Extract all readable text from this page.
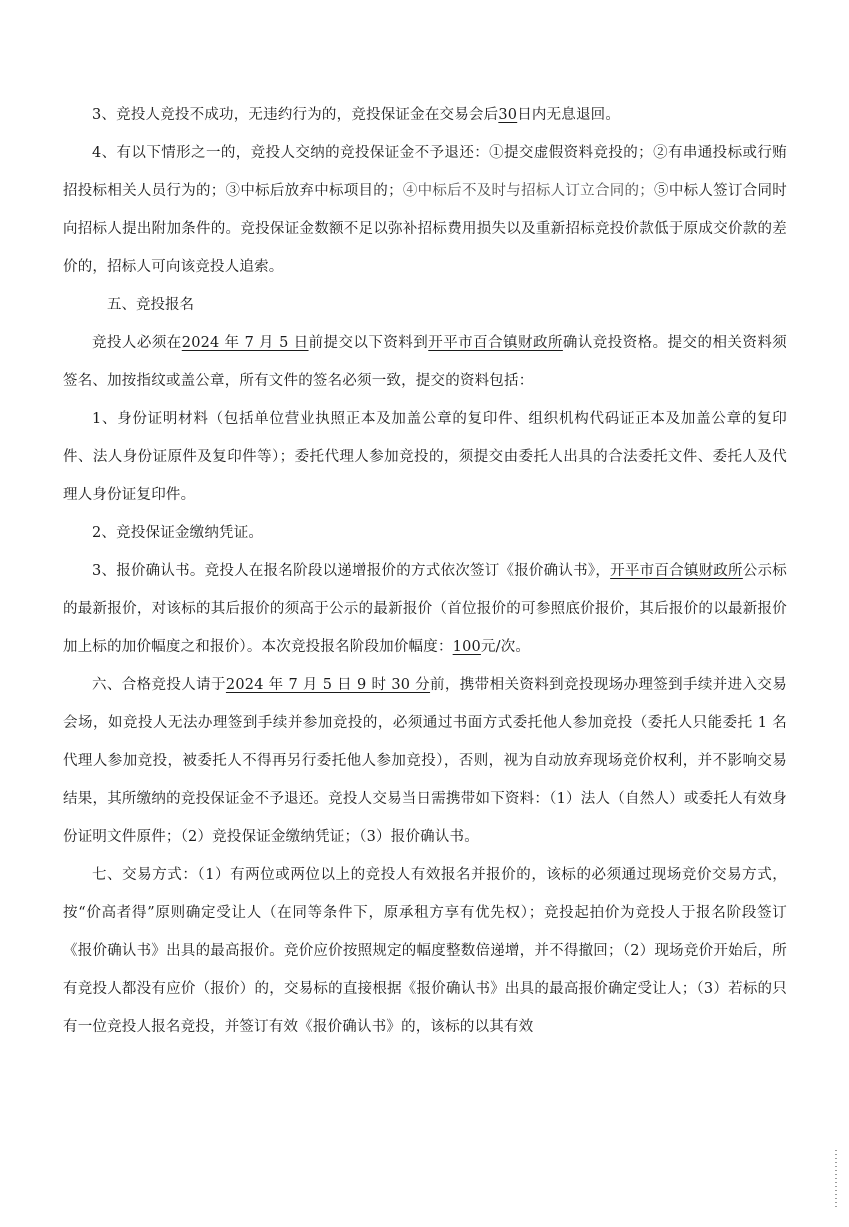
3、竞投人竞投不成功，无违约行为的，竞投保证金在交易会后30日内无息退回。

4、有以下情形之一的，竞投人交纳的竞投保证金不予退还：①提交虚假资料竞投的；②有串通投标或行贿招投标相关人员行为的；③中标后放弃中标项目的；④中标后不及时与招标人订立合同的；⑤中标人签订合同时向招标人提出附加条件的。竞投保证金数额不足以弥补招标费用损失以及重新招标竞投价款低于原成交价款的差价的，招标人可向该竞投人追索。

五、竞投报名

竞投人必须在2024 年 7 月 5 日前提交以下资料到开平市百合镇财政所确认竞投资格。提交的相关资料须签名、加按指纹或盖公章，所有文件的签名必须一致，提交的资料包括：

1、身份证明材料（包括单位营业执照正本及加盖公章的复印件、组织机构代码证正本及加盖公章的复印件、法人身份证原件及复印件等）；委托代理人参加竞投的，须提交由委托人出具的合法委托文件、委托人及代理人身份证复印件。

2、竞投保证金缴纳凭证。

3、报价确认书。竞投人在报名阶段以递增报价的方式依次签订《报价确认书》，开平市百合镇财政所公示标的最新报价，对该标的其后报价的须高于公示的最新报价（首位报价的可参照底价报价，其后报价的以最新报价加上标的加价幅度之和报价）。本次竞投报名阶段加价幅度：100元/次。

六、合格竞投人请于2024 年 7 月 5 日 9 时 30 分前，携带相关资料到竞投现场办理签到手续并进入交易会场，如竞投人无法办理签到手续并参加竞投的，必须通过书面方式委托他人参加竞投（委托人只能委托 1 名代理人参加竞投，被委托人不得再另行委托他人参加竞投），否则，视为自动放弃现场竞价权利，并不影响交易结果，其所缴纳的竞投保证金不予退还。竞投人交易当日需携带如下资料：（1）法人（自然人）或委托人有效身份证明文件原件；（2）竞投保证金缴纳凭证；（3）报价确认书。

七、交易方式：（1）有两位或两位以上的竞投人有效报名并报价的，该标的必须通过现场竞价交易方式，按“价高者得”原则确定受让人（在同等条件下，原承租方享有优先权）；竞投起拍价为竞投人于报名阶段签订《报价确认书》出具的最高报价。竞价应价按照规定的幅度整数倍递增，并不得撤回；（2）现场竞价开始后，所有竞投人都没有应价（报价）的，交易标的直接根据《报价确认书》出具的最高报价确定受让人；（3）若标的只有一位竞投人报名竞投，并签订有效《报价确认书》的，该标的以其有效
